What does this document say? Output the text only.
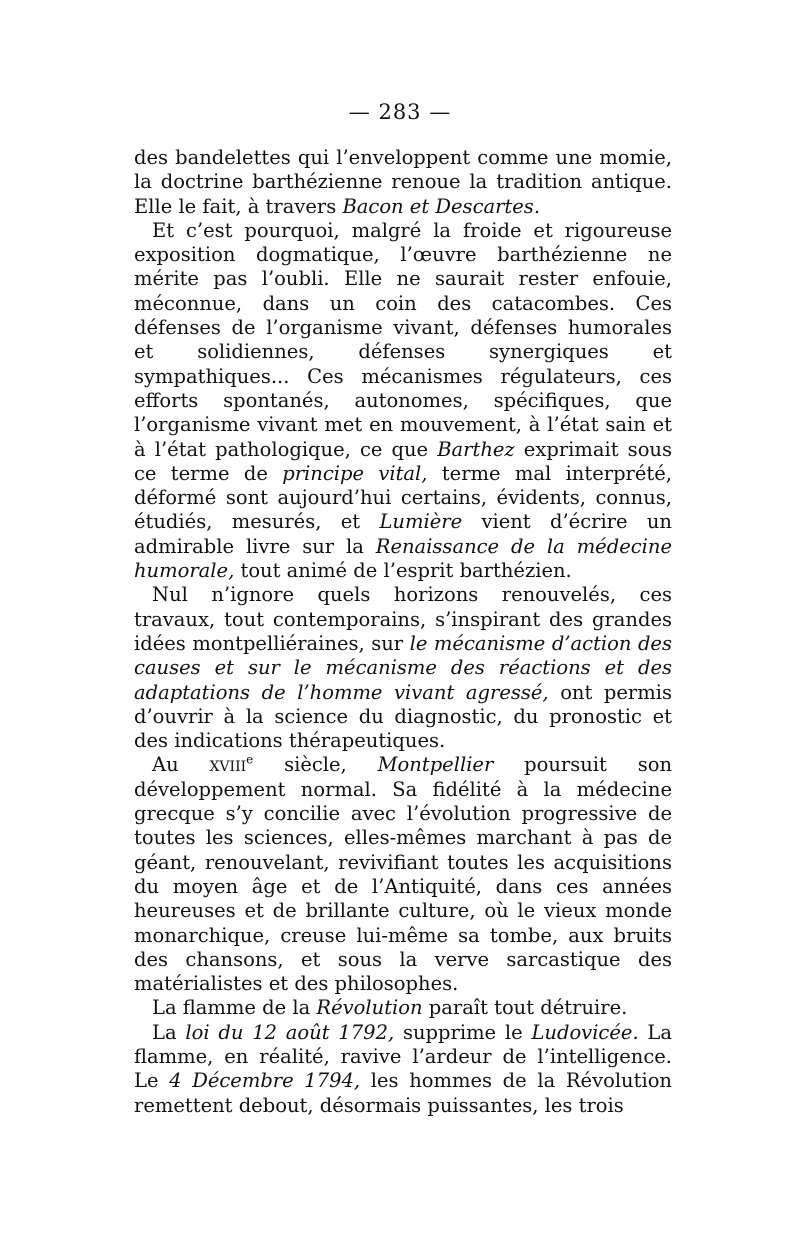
— 283 —

des bandelettes qui l’enveloppent comme une momie, la doctrine barthézienne renoue la tradition antique. Elle le fait, à travers Bacon et Descartes.

Et c’est pourquoi, malgré la froide et rigoureuse exposition dogmatique, l’œuvre barthézienne ne mérite pas l’oubli. Elle ne saurait rester enfouie, méconnue, dans un coin des catacombes. Ces défenses de l’organisme vivant, défenses humorales et solidiennes, défenses synergiques et sympathiques... Ces mécanismes régulateurs, ces efforts spontanés, autonomes, spécifiques, que l’organisme vivant met en mouvement, à l’état sain et à l’état pathologique, ce que Barthez exprimait sous ce terme de principe vital, terme mal interprété, déformé sont aujourd’hui certains, évidents, connus, étudiés, mesurés, et Lumière vient d’écrire un admirable livre sur la Renaissance de la médecine humorale, tout animé de l’esprit barthézien.

Nul n’ignore quels horizons renouvelés, ces travaux, tout contemporains, s’inspirant des grandes idées montpelliéraines, sur le mécanisme d’action des causes et sur le mécanisme des réactions et des adaptations de l’homme vivant agressé, ont permis d’ouvrir à la science du diagnostic, du pronostic et des indications thérapeutiques.

Au xviii$^e$ siècle, Montpellier poursuit son développement normal. Sa fidélité à la médecine grecque s’y concilie avec l’évolution progressive de toutes les sciences, elles-mêmes marchant à pas de géant, renouvelant, revivifiant toutes les acquisitions du moyen âge et de l’Antiquité, dans ces années heureuses et de brillante culture, où le vieux monde monarchique, creuse lui-même sa tombe, aux bruits des chansons, et sous la verve sarcastique des matérialistes et des philosophes.

La flamme de la Révolution paraît tout détruire.

La loi du 12 août 1792, supprime le Ludovicée. La flamme, en réalité, ravive l’ardeur de l’intelligence. Le 4 Décembre 1794, les hommes de la Révolution remettent debout, désormais puissantes, les trois
